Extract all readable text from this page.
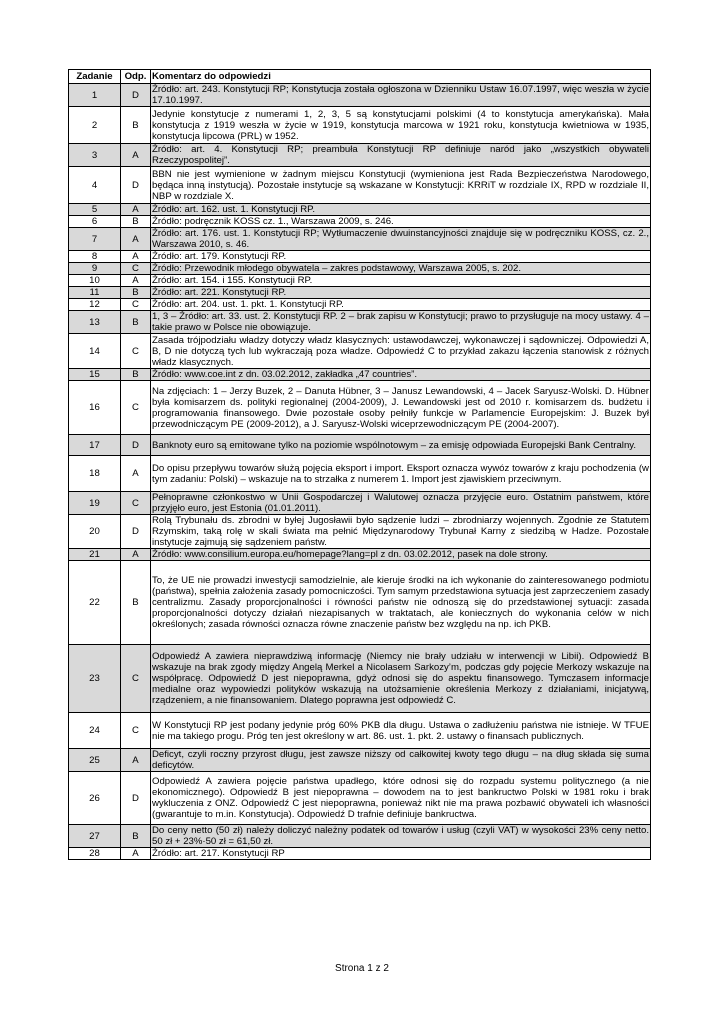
Zadanie	Odp.	Komentarz do odpowiedzi
1	D	Źródło: art. 243. Konstytucji RP; Konstytucja została ogłoszona w Dzienniku Ustaw 16.07.1997, więc weszła w życie 17.10.1997.
2	B	Jedynie konstytucje z numerami 1, 2, 3, 5 są konstytucjami polskimi (4 to konstytucja amerykańska). Mała konstytucja z 1919 weszła w życie w 1919, konstytucja marcowa w 1921 roku, konstytucja kwietniowa w 1935, konstytucja lipcowa (PRL) w 1952.
3	A	Źródło: art. 4. Konstytucji RP; preambuła Konstytucji RP definiuje naród jako „wszystkich obywateli Rzeczypospolitej”.
4	D	BBN nie jest wymienione w żadnym miejscu Konstytucji (wymieniona jest Rada Bezpieczeństwa Narodowego, będąca inną instytucją). Pozostałe instytucje są wskazane w Konstytucji: KRRiT w rozdziale IX, RPD w rozdziale II, NBP w rozdziale X.
5	A	Źródło: art. 162. ust. 1. Konstytucji RP.
6	B	Źródło: podręcznik KOSS cz. 1., Warszawa 2009, s. 246.
7	A	Źródło: art. 176. ust. 1. Konstytucji RP; Wytłumaczenie dwuinstancyjności znajduje się w podręczniku KOSS, cz. 2., Warszawa 2010, s. 46.
8	A	Źródło: art. 179. Konstytucji RP.
9	C	Źródło: Przewodnik młodego obywatela – zakres podstawowy, Warszawa 2005, s. 202.
10	A	Źródło: art. 154. i 155. Konstytucji RP.
11	B	Źródło: art. 221. Konstytucji RP.
12	C	Źródło: art. 204. ust. 1. pkt. 1. Konstytucji RP.
13	B	1, 3 – Źródło: art. 33. ust. 2. Konstytucji RP. 2 – brak zapisu w Konstytucji; prawo to przysługuje na mocy ustawy. 4 – takie prawo w Polsce nie obowiązuje.
14	C	Zasada trójpodziału władzy dotyczy władz klasycznych: ustawodawczej, wykonawczej i sądowniczej. Odpowiedzi A, B, D nie dotyczą tych lub wykraczają poza władze. Odpowiedź C to przykład zakazu łączenia stanowisk z różnych władz klasycznych.
15	B	Źródło: www.coe.int z dn. 03.02.2012, zakładka „47 countries”.
16	C	Na zdjęciach: 1 – Jerzy Buzek, 2 – Danuta Hübner, 3 – Janusz Lewandowski, 4 – Jacek Saryusz-Wolski. D. Hübner była komisarzem ds. polityki regionalnej (2004-2009), J. Lewandowski jest od 2010 r. komisarzem ds. budżetu i programowania finansowego. Dwie pozostałe osoby pełniły funkcje w Parlamencie Europejskim: J. Buzek był przewodniczącym PE (2009-2012), a J. Saryusz-Wolski wiceprzewodniczącym PE (2004-2007).
17	D	Banknoty euro są emitowane tylko na poziomie wspólnotowym – za emisję odpowiada Europejski Bank Centralny.
18	A	Do opisu przepływu towarów służą pojęcia eksport i import. Eksport oznacza wywóz towarów z kraju pochodzenia (w tym zadaniu: Polski) – wskazuje na to strzałka z numerem 1. Import jest zjawiskiem przeciwnym.
19	C	Pełnoprawne członkostwo w Unii Gospodarczej i Walutowej oznacza przyjęcie euro. Ostatnim państwem, które przyjęło euro, jest Estonia (01.01.2011).
20	D	Rolą Trybunału ds. zbrodni w byłej Jugosławii było sądzenie ludzi – zbrodniarzy wojennych. Zgodnie ze Statutem Rzymskim, taką rolę w skali świata ma pełnić Międzynarodowy Trybunał Karny z siedzibą w Hadze. Pozostałe instytucje zajmują się sądzeniem państw.
21	A	Źródło: www.consilium.europa.eu/homepage?lang=pl z dn. 03.02.2012, pasek na dole strony.
22	B	To, że UE nie prowadzi inwestycji samodzielnie, ale kieruje środki na ich wykonanie do zainteresowanego podmiotu (państwa), spełnia założenia zasady pomocniczości. Tym samym przedstawiona sytuacja jest zaprzeczeniem zasady centralizmu. Zasady proporcjonalności i równości państw nie odnoszą się do przedstawionej sytuacji: zasada proporcjonalności dotyczy działań niezapisanych w traktatach, ale koniecznych do wykonania celów w nich określonych; zasada równości oznacza równe znaczenie państw bez względu na np. ich PKB.
23	C	Odpowiedź A zawiera nieprawdziwą informację (Niemcy nie brały udziału w interwencji w Libii). Odpowiedź B wskazuje na brak zgody między Angelą Merkel a Nicolasem Sarkozy’m, podczas gdy pojęcie Merkozy wskazuje na współpracę. Odpowiedź D jest niepoprawna, gdyż odnosi się do aspektu finansowego. Tymczasem informacje medialne oraz wypowiedzi polityków wskazują na utożsamienie określenia Merkozy z działaniami, inicjatywą, rządzeniem, a nie finansowaniem. Dlatego poprawna jest odpowiedź C.
24	C	W Konstytucji RP jest podany jedynie próg 60% PKB dla długu. Ustawa o zadłużeniu państwa nie istnieje. W TFUE nie ma takiego progu. Próg ten jest określony w art. 86. ust. 1. pkt. 2. ustawy o finansach publicznych.
25	A	Deficyt, czyli roczny przyrost długu, jest zawsze niższy od całkowitej kwoty tego długu – na dług składa się suma deficytów.
26	D	Odpowiedź A zawiera pojęcie państwa upadłego, które odnosi się do rozpadu systemu politycznego (a nie ekonomicznego). Odpowiedź B jest niepoprawna – dowodem na to jest bankructwo Polski w 1981 roku i brak wykluczenia z ONZ. Odpowiedź C jest niepoprawna, ponieważ nikt nie ma prawa pozbawić obywateli ich własności (gwarantuje to m.in. Konstytucja). Odpowiedź D trafnie definiuje bankructwa.
27	B	Do ceny netto (50 zł) należy doliczyć należny podatek od towarów i usług (czyli VAT) w wysokości 23% ceny netto. 50 zł + 23%·50 zł = 61,50 zł.
28	A	Źródło: art. 217. Konstytucji RP
Strona 1 z 2
